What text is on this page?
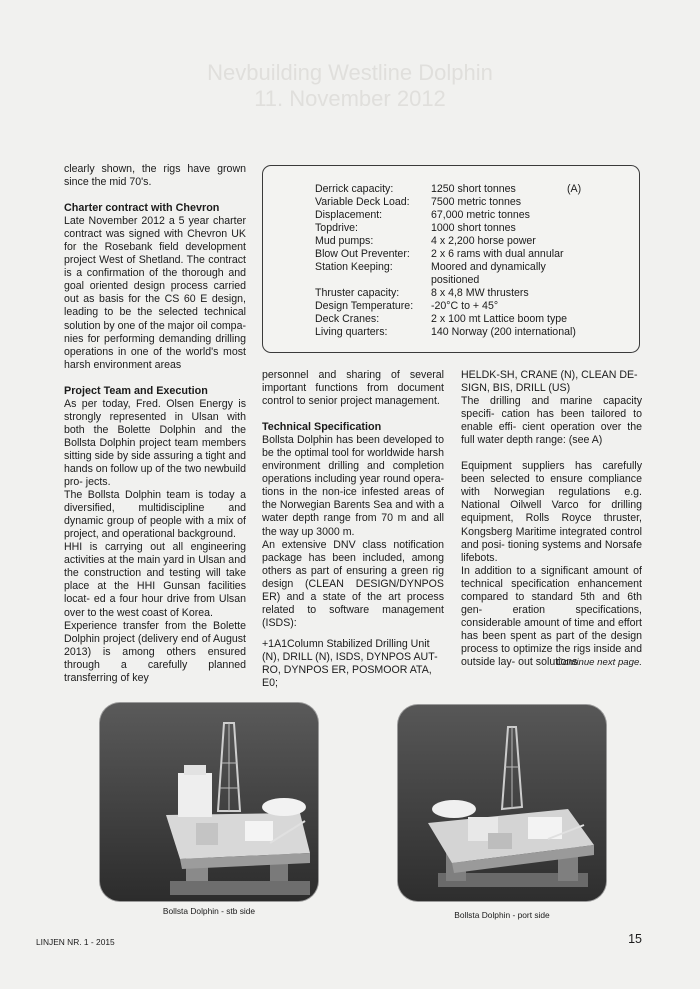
Nevbuilding Westline Dolphin
11. November 2012

clearly shown, the rigs have grown since the mid 70's.

Charter contract with Chevron

Late November 2012 a 5 year charter contract was signed with Chevron UK for the Rosebank field development project West of Shetland. The contract is a confirmation of the thorough and goal oriented design process carried out as basis for the CS 60 E design, leading to be the selected technical solution by one of the major oil compa- nies for performing demanding drilling operations in one of the world's most harsh environment areas

Project Team and Execution

As per today, Fred. Olsen Energy is strongly represented in Ulsan with both the Bolette Dolphin and the Bollsta Dolphin project team members sitting side by side assuring a tight and hands on follow up of the two newbuild pro- jects.

The Bollsta Dolphin team is today a diversified, multidiscipline and dynamic group of people with a mix of project, and operational background.

HHI is carrying out all engineering activities at the main yard in Ulsan and the construction and testing will take place at the HHI Gunsan facilities locat- ed a four hour drive from Ulsan over to the west coast of Korea.

Experience transfer from the Bolette Dolphin project (delivery end of August 2013) is among others ensured through a carefully planned transferring of key

(A)
Derrick capacity:	1250 short tonnes
Variable Deck Load: 7500 metric tonnes
Displacement:	67,000 metric tonnes
Topdrive:	1000 short tonnes
Mud pumps:	4 x 2,200 horse power
Blow Out Preventer: 2 x 6 rams with dual annular
Station Keeping:	Moored and dynamically positioned
Thruster capacity:	8 x 4,8 MW thrusters
Design Temperature: -20°C to + 45°
Deck Cranes:	2 x 100 mt Lattice boom type
Living quarters:	140 Norway (200 international)

personnel and sharing of several important functions from document control to senior project management.

Technical Specification

Bollsta Dolphin has been developed to be the optimal tool for worldwide harsh environment drilling and completion operations including year round opera- tions in the non-ice infested areas of the Norwegian Barents Sea and with a water depth range from 70 m and all the way up 3000 m.

An extensive DNV class notification package has been included, among others as part of ensuring a green rig design (CLEAN DESIGN/DYNPOS ER) and a state of the art process related to software management (ISDS):

+1A1Column Stabilized Drilling Unit (N), DRILL (N), ISDS, DYNPOS AUT-RO, DYNPOS ER, POSMOOR ATA, E0;

HELDK-SH, CRANE (N), CLEAN DE- SIGN, BIS, DRILL (US)

The drilling and marine capacity specifi- cation has been tailored to enable effi- cient operation over the full water depth range: (see A)

Equipment suppliers has carefully been selected to ensure compliance with Norwegian regulations e.g. National Oilwell Varco for drilling equipment, Rolls Royce thruster, Kongsberg Maritime integrated control and posi- tioning systems and Norsafe lifebots.

In addition to a significant amount of technical specification enhancement compared to standard 5th and 6th gen- eration specifications, considerable amount of time and effort has been spent as part of the design process to optimize the rigs inside and outside lay- out solutions.

Continue next page.
Bollsta Dolphin - stb side	Bollsta Dolphin - port side
LINJEN NR. 1 - 2015	15
